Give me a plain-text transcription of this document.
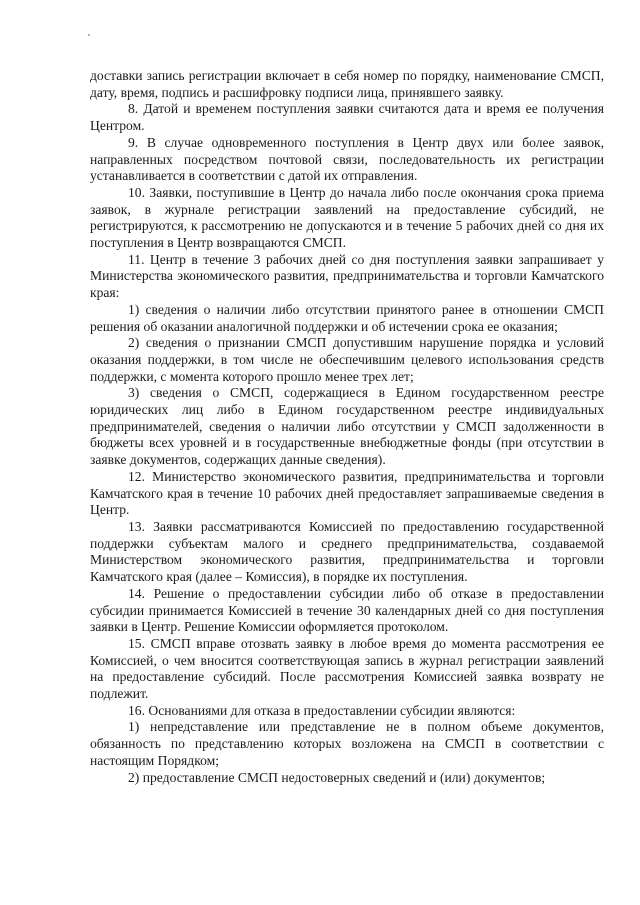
доставки запись регистрации включает в себя номер по порядку, наименование СМСП, дату, время, подпись и расшифровку подписи лица, принявшего заявку.

8. Датой и временем поступления заявки считаются дата и время ее получения Центром.

9. В случае одновременного поступления в Центр двух или более заявок, направленных посредством почтовой связи, последовательность их регистрации устанавливается в соответствии с датой их отправления.

10. Заявки, поступившие в Центр до начала либо после окончания срока приема заявок, в журнале регистрации заявлений на предоставление субсидий, не регистрируются, к рассмотрению не допускаются и в течение 5 рабочих дней со дня их поступления в Центр возвращаются СМСП.

11. Центр в течение 3 рабочих дней со дня поступления заявки запрашивает у Министерства экономического развития, предпринимательства и торговли Камчатского края:

1) сведения о наличии либо отсутствии принятого ранее в отношении СМСП решения об оказании аналогичной поддержки и об истечении срока ее оказания;

2) сведения о признании СМСП допустившим нарушение порядка и условий оказания поддержки, в том числе не обеспечившим целевого использования средств поддержки, с момента которого прошло менее трех лет;

3) сведения о СМСП, содержащиеся в Едином государственном реестре юридических лиц либо в Едином государственном реестре индивидуальных предпринимателей, сведения о наличии либо отсутствии у СМСП задолженности в бюджеты всех уровней и в государственные внебюджетные фонды (при отсутствии в заявке документов, содержащих данные сведения).

12. Министерство экономического развития, предпринимательства и торговли Камчатского края в течение 10 рабочих дней предоставляет запрашиваемые сведения в Центр.

13. Заявки рассматриваются Комиссией по предоставлению государственной поддержки субъектам малого и среднего предпринимательства, создаваемой Министерством экономического развития, предпринимательства и торговли Камчатского края (далее – Комиссия), в порядке их поступления.

14. Решение о предоставлении субсидии либо об отказе в предоставлении субсидии принимается Комиссией в течение 30 календарных дней со дня поступления заявки в Центр. Решение Комиссии оформляется протоколом.

15. СМСП вправе отозвать заявку в любое время до момента рассмотрения ее Комиссией, о чем вносится соответствующая запись в журнал регистрации заявлений на предоставление субсидий. После рассмотрения Комиссией заявка возврату не подлежит.

16. Основаниями для отказа в предоставлении субсидии являются:

1) непредставление или представление не в полном объеме документов, обязанность по представлению которых возложена на СМСП в соответствии с настоящим Порядком;

2) предоставление СМСП недостоверных сведений и (или) документов;
